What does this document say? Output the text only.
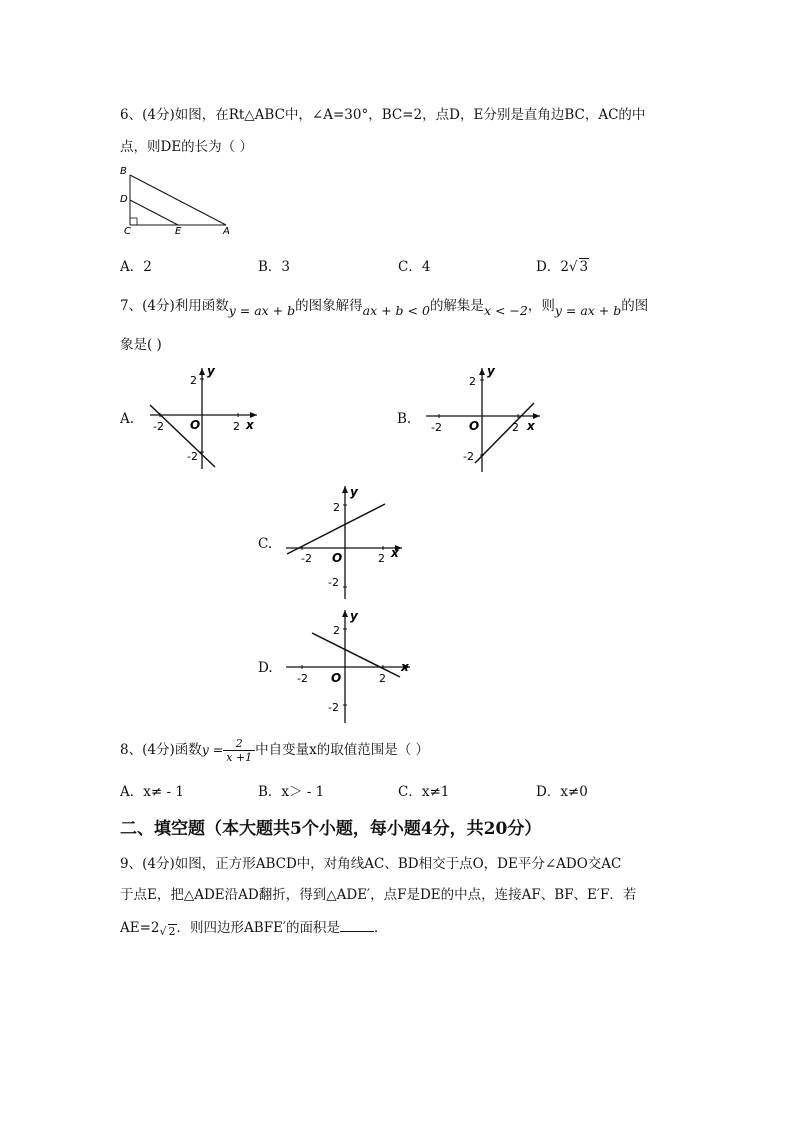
6、(4分)如图，在Rt△ABC中，∠A=30°，BC=2，点D，E分别是直角边BC，AC的中
点，则DE的长为（ ）
B
D
C	E	A
A．2	B．3	C．4	D．2√ 3
7、(4分)利用函数y = ax + b的图象解得ax + b < 0的解集是x < −2，则y = ax + b的图
象是( )
A.
y
x
O
2
-2
-2	2	B.
y
x
O
2
-2
-2	2
C.
y
x
O
2
-2
-2	2
D.
y
x
O
2
-2
-2	2
8、(4分)函数$y = \frac{2}{x +1}$ 中自变量x的取值范围是（ ）
A．x≠ - 1	B．x＞ - 1	C．x≠1	D．x≠0
二、填空题（本大题共5个小题，每小题4分，共20分）
9、(4分)如图，正方形ABCD中，对角线AC、BD相交于点O，DE平分∠ADO交AC
于点E，把△ADE沿AD翻折，得到△ADE′，点F是DE的中点，连接AF、BF、E′F．若
$AE=2_{√ 2}$．则四边形ABFE′的面积是	．
